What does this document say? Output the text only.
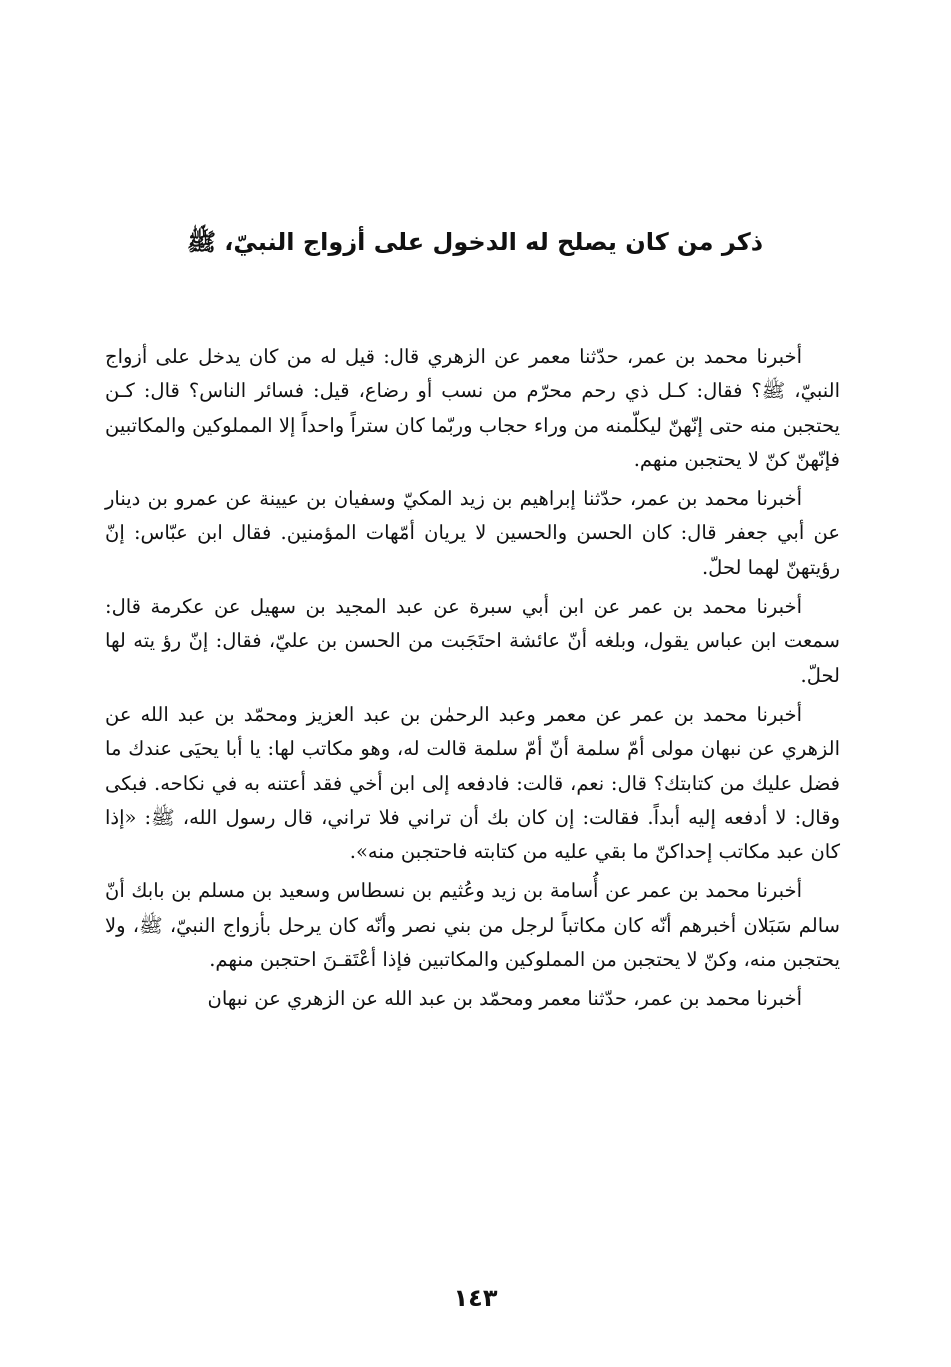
ذكر من كان يصلح له الدخول على أزواج النبيّ، ﷺ

أخبرنا محمد بن عمر، حدّثنا معمر عن الزهري قال: قيل له من كان يدخل على أزواج النبيّ، ﷺ؟ فقال: كـل ذي رحم محرّم من نسب أو رضاع، قيل: فسائر الناس؟ قال: كـن يحتجبن منه حتى إنّهنّ ليكلّمنه من وراء حجاب وربّما كان ستراً واحداً إلا المملوكين والمكاتبين فإنّهنّ كنّ لا يحتجبن منهم.

أخبرنا محمد بن عمر، حدّثنا إبراهيم بن زيد المكيّ وسفيان بن عيينة عن عمرو بن دينار عن أبي جعفر قال: كان الحسن والحسين لا يريان أمّهات المؤمنين. فقال ابن عبّاس: إنّ رؤيتهنّ لهما لحلّ.

أخبرنا محمد بن عمر عن ابن أبي سبرة عن عبد المجيد بن سهيل عن عكرمة قال: سمعت ابن عباس يقول، وبلغه أنّ عائشة احتَجَبت من الحسن بن عليّ، فقال: إنّ رؤ يته لها لحلّ.

أخبرنا محمد بن عمر عن معمر وعبد الرحمٰن بن عبد العزيز ومحمّد بن عبد الله عن الزهري عن نبهان مولى أمّ سلمة أنّ أمّ سلمة قالت له، وهو مكاتب لها: يا أبا يحيَى عندك ما فضل عليك من كتابتك؟ قال: نعم، قالت: فادفعه إلى ابن أخي فقد أعتنه به في نكاحه. فبكى وقال: لا أدفعه إليه أبداً. فقالت: إن كان بك أن تراني فلا تراني، قال رسول الله، ﷺ: «إذا كان عبد مكاتب إحداكنّ ما بقي عليه من كتابته فاحتجبن منه».

أخبرنا محمد بن عمر عن أُسامة بن زيد وعُثيم بن نسطاس وسعيد بن مسلم بن بابك أنّ سالم سَبَلان أخبرهم أنّه كان مكاتباً لرجل من بني نصر وأنّه كان يرحل بأزواج النبيّ، ﷺ، ولا يحتجبن منه، وكنّ لا يحتجبن من المملوكين والمكاتبين فإذا أعْتَقـنَ احتجبن منهم.

أخبرنا محمد بن عمر، حدّثنا معمر ومحمّد بن عبد الله عن الزهري عن نبهان

١٤٣
